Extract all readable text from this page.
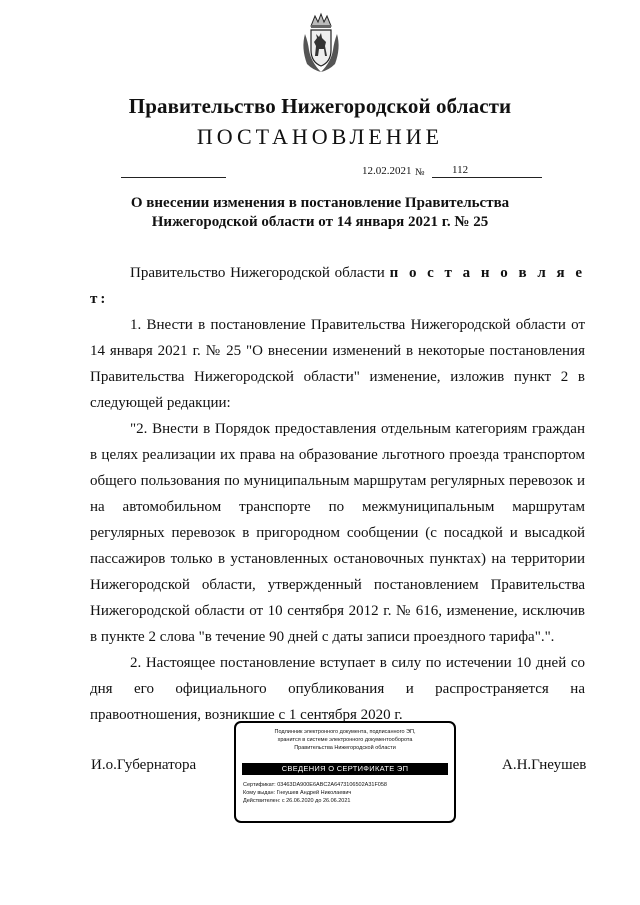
Правительство Нижегородской области
ПОСТАНОВЛЕНИЕ
12.02.2021 № 112
О внесении изменения в постановление Правительства
Нижегородской области от 14 января 2021 г. № 25

Правительство Нижегородской области п о с т а н о в л я е т:

1. Внести в постановление Правительства Нижегородской области от 14 января 2021 г. № 25 "О внесении изменений в некоторые постановления Правительства Нижегородской области" изменение, изложив пункт 2 в следующей редакции:

"2. Внести в Порядок предоставления отдельным категориям граждан в целях реализации их права на образование льготного проезда транспортом общего пользования по муниципальным маршрутам регулярных перевозок и на автомобильном транспорте по межмуниципальным маршрутам регулярных перевозок в пригородном сообщении (с посадкой и высадкой пассажиров только в установленных остановочных пунктах) на территории Нижегородской области, утвержденный постановлением Правительства Нижегородской области от 10 сентября 2012 г. № 616, изменение, исключив в пункте 2 слова "в течение 90 дней с даты записи проездного тарифа".".

2. Настоящее постановление вступает в силу по истечении 10 дней со дня его официального опубликования и распространяется на правоотношения, возникшие с 1 сентября 2020 г.

И.о.Губернатора	А.Н.Гнеушев
Подлинник электронного документа, подписанного ЭП,
хранится в системе электронного документооборота
Правительства Нижегородской области
СВЕДЕНИЯ О СЕРТИФИКАТЕ ЭП
Сертификат: 03463DA900E6ABC2A6473106502A31F058
Кому выдан: Гнеушев Андрей Николаевич
Действителен: с 26.06.2020 до 26.06.2021
